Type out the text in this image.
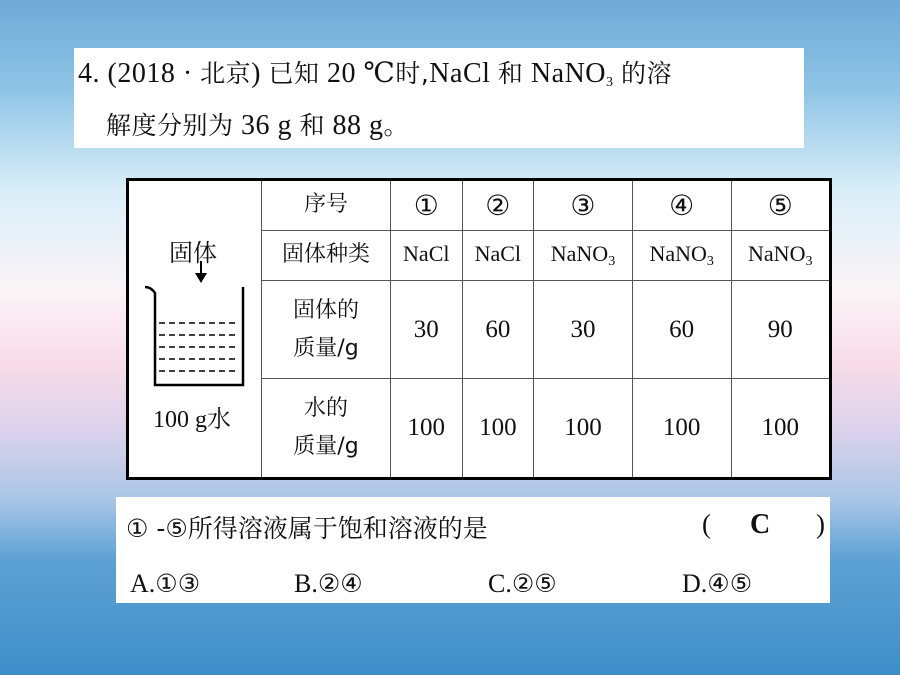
4. (2018 · 北京) 已知 20 ℃时,NaCl 和 NaNO$_3$ 的溶
解度分别为 36 g 和 88 g。
固体
100 g水
序号	①	②	③	④	⑤
固体种类	NaCl	NaCl	NaNO$_3$	NaNO$_3$	NaNO$_3$
固体的
质量/g	30	60	30	60	90
水的
质量/g	100	100	100	100	100
① -⑤所得溶液属于饱和溶液的是	( C )
A.①③	B.②④	C.②⑤	D.④⑤
